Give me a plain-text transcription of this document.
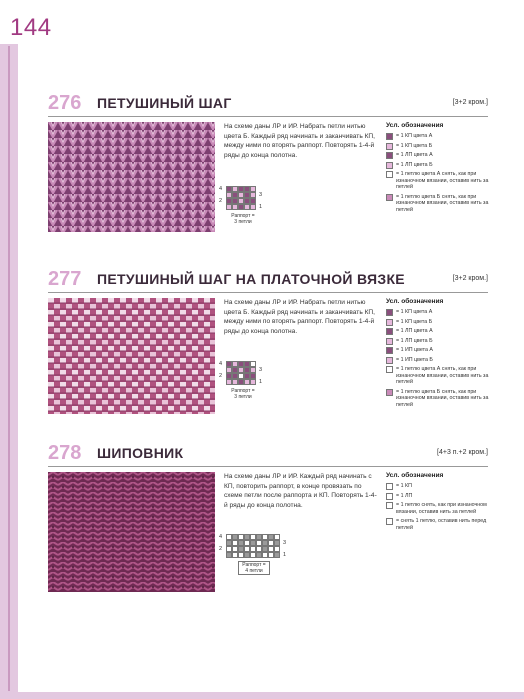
144
276 ПЕТУШИНЫЙ ШАГ	[3+2 кром.]
На схеме даны ЛР и ИР. Набрать петли нитью цвета Б. Каждый ряд начинать и заканчивать КП, между ними по вторять раппорт. Повторять 1-4-й ряды до конца полотна.
4
2
3
1
Раппорт =
3 петли
Усл. обозначения
= 1 КП цвета А
= 1 КП цвета Б
= 1 ЛП цвета А
= 1 ЛП цвета Б
= 1 петлю цвета А снять, как при изнаночном вязании, оставив нить за петлей
= 1 петлю цвета Б снять, как при изнаночном вязании, оставив нить за петлей
277 ПЕТУШИНЫЙ ШАГ НА ПЛАТОЧНОЙ ВЯЗКЕ	[3+2 кром.]
На схеме даны ЛР и ИР. Набрать петли нитью цвета Б. Каждый ряд начинать и заканчивать КП, между ними по вторять раппорт. Повторять 1-4-й ряды до конца полотна.
4
2
3
1
Раппорт =
3 петли
Усл. обозначения
= 1 КП цвета А
= 1 КП цвета Б
= 1 ЛП цвета А
= 1 ЛП цвета Б
= 1 ИП цвета А
= 1 ИП цвета Б
= 1 петлю цвета А снять, как при изнаночном вязании, оставив нить за петлей
= 1 петлю цвета Б снять, как при изнаночном вязании, оставив нить за петлей
278 ШИПОВНИК	[4+3 п.+2 кром.]
На схеме даны ЛР и ИР. Каждый ряд начинать с КП, повторить раппорт, в конце провязать по схеме петли после раппорта и КП. Повторять 1-4-й ряды до конца полотна.
4
2
3
1
Раппорт =
4 петли
Усл. обозначения
= 1 КП
= 1 ЛП
= 1 петлю снять, как при изнаночном вязании, оставив нить за петлей
= снять 1 петлю, оставив нить перед петлей
